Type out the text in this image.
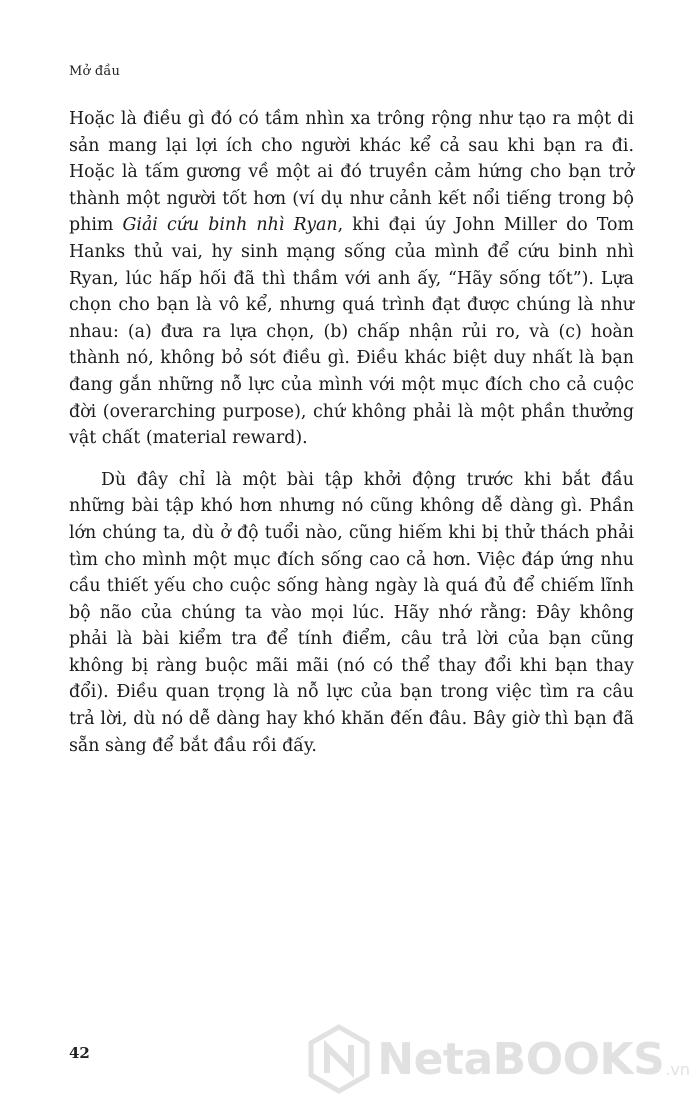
Mở đầu

Hoặc là điều gì đó có tầm nhìn xa trông rộng như tạo ra một di sản mang lại lợi ích cho người khác kể cả sau khi bạn ra đi. Hoặc là tấm gương về một ai đó truyền cảm hứng cho bạn trở thành một người tốt hơn (ví dụ như cảnh kết nổi tiếng trong bộ phim Giải cứu binh nhì Ryan, khi đại úy John Miller do Tom Hanks thủ vai, hy sinh mạng sống của mình để cứu binh nhì Ryan, lúc hấp hối đã thì thầm với anh ấy, “Hãy sống tốt”). Lựa chọn cho bạn là vô kể, nhưng quá trình đạt được chúng là như nhau: (a) đưa ra lựa chọn, (b) chấp nhận rủi ro, và (c) hoàn thành nó, không bỏ sót điều gì. Điều khác biệt duy nhất là bạn đang gắn những nỗ lực của mình với một mục đích cho cả cuộc đời (overarching purpose), chứ không phải là một phần thưởng vật chất (material reward).

Dù đây chỉ là một bài tập khởi động trước khi bắt đầu những bài tập khó hơn nhưng nó cũng không dễ dàng gì. Phần lớn chúng ta, dù ở độ tuổi nào, cũng hiếm khi bị thử thách phải tìm cho mình một mục đích sống cao cả hơn. Việc đáp ứng nhu cầu thiết yếu cho cuộc sống hàng ngày là quá đủ để chiếm lĩnh bộ não của chúng ta vào mọi lúc. Hãy nhớ rằng: Đây không phải là bài kiểm tra để tính điểm, câu trả lời của bạn cũng không bị ràng buộc mãi mãi (nó có thể thay đổi khi bạn thay đổi). Điều quan trọng là nỗ lực của bạn trong việc tìm ra câu trả lời, dù nó dễ dàng hay khó khăn đến đâu. Bây giờ thì bạn đã sẵn sàng để bắt đầu rồi đấy.

42	NetaBOOKS .vn
